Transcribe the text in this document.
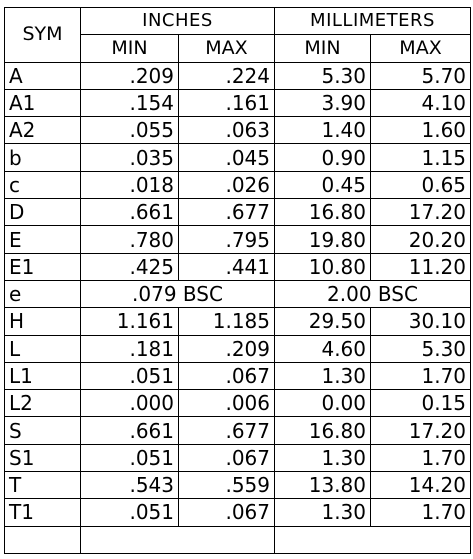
SYM	INCHES		MILLIMETERS	
	MIN	MAX	MIN	MAX
A	.209	.224	5.30	5.70
A1	.154	.161	3.90	4.10
A2	.055	.063	1.40	1.60
b	.035	.045	0.90	1.15
c	.018	.026	0.45	0.65
D	.661	.677	16.80	17.20
E	.780	.795	19.80	20.20
E1	.425	.441	10.80	11.20
e	.079 BSC		2.00 BSC	
H	1.161	1.185	29.50	30.10
L	.181	.209	4.60	5.30
L1	.051	.067	1.30	1.70
L2	.000	.006	0.00	0.15
S	.661	.677	16.80	17.20
S1	.051	.067	1.30	1.70
T	.543	.559	13.80	14.20
T1	.051	.067	1.30	1.70
